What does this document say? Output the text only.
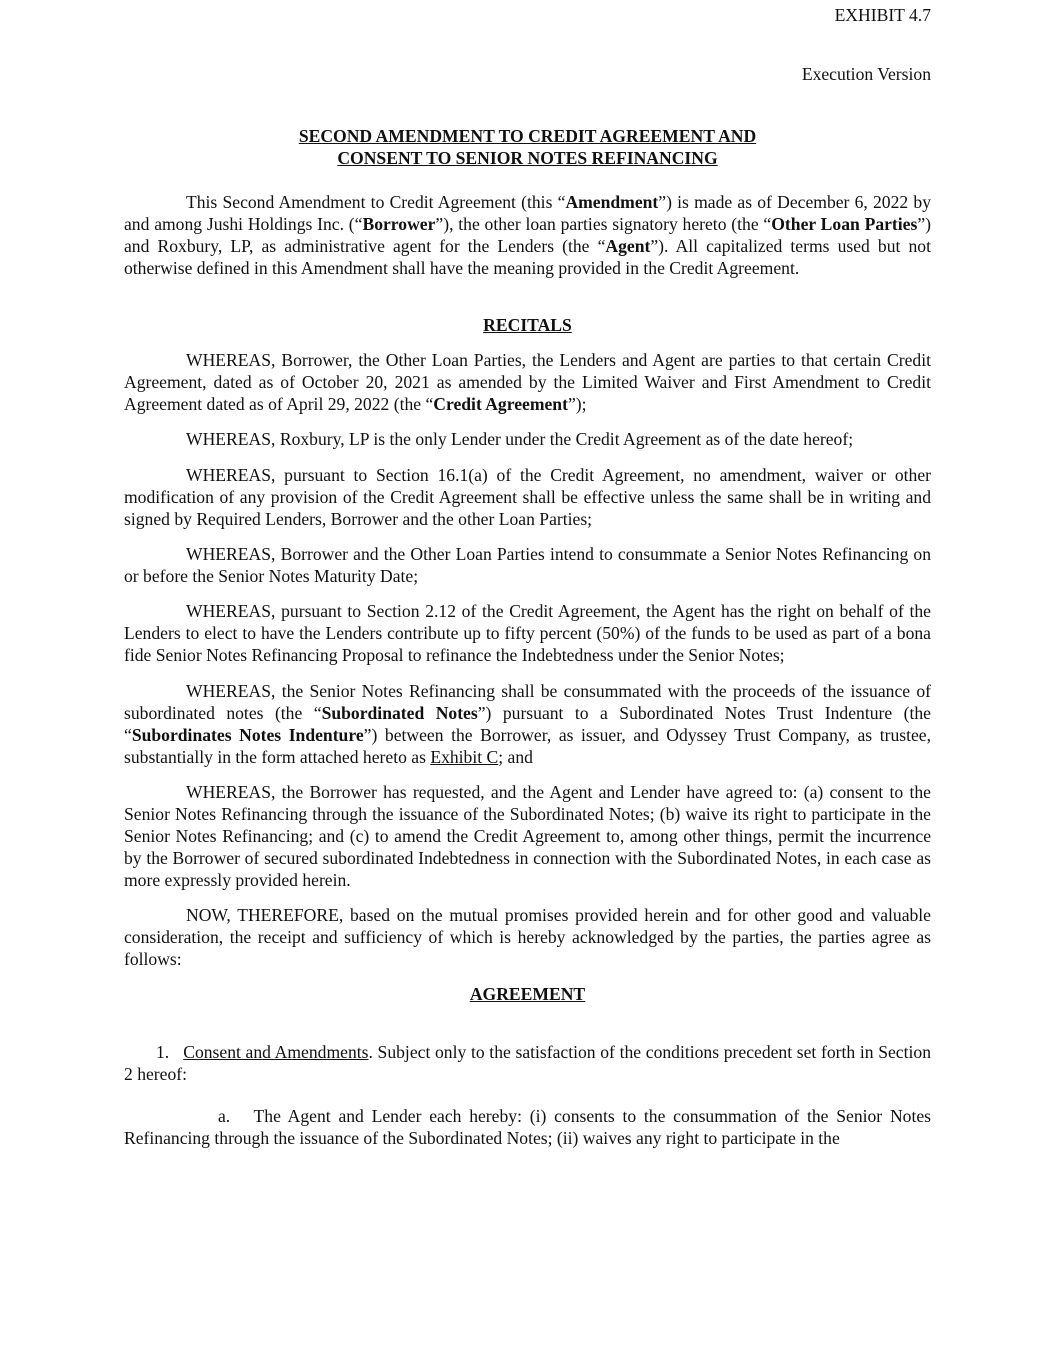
EXHIBIT 4.7
Execution Version
SECOND AMENDMENT TO CREDIT AGREEMENT AND
CONSENT TO SENIOR NOTES REFINANCING

This Second Amendment to Credit Agreement (this “Amendment”) is made as of December 6, 2022 by and among Jushi Holdings Inc. (“Borrower”), the other loan parties signatory hereto (the “Other Loan Parties”) and Roxbury, LP, as administrative agent for the Lenders (the “Agent”). All capitalized terms used but not otherwise defined in this Amendment shall have the meaning provided in the Credit Agreement.

RECITALS

WHEREAS, Borrower, the Other Loan Parties, the Lenders and Agent are parties to that certain Credit Agreement, dated as of October 20, 2021 as amended by the Limited Waiver and First Amendment to Credit Agreement dated as of April 29, 2022 (the “Credit Agreement”);

WHEREAS, Roxbury, LP is the only Lender under the Credit Agreement as of the date hereof;

WHEREAS, pursuant to Section 16.1(a) of the Credit Agreement, no amendment, waiver or other modification of any provision of the Credit Agreement shall be effective unless the same shall be in writing and signed by Required Lenders, Borrower and the other Loan Parties;

WHEREAS, Borrower and the Other Loan Parties intend to consummate a Senior Notes Refinancing on or before the Senior Notes Maturity Date;

WHEREAS, pursuant to Section 2.12 of the Credit Agreement, the Agent has the right on behalf of the Lenders to elect to have the Lenders contribute up to fifty percent (50%) of the funds to be used as part of a bona fide Senior Notes Refinancing Proposal to refinance the Indebtedness under the Senior Notes;

WHEREAS, the Senior Notes Refinancing shall be consummated with the proceeds of the issuance of subordinated notes (the “Subordinated Notes”) pursuant to a Subordinated Notes Trust Indenture (the “Subordinates Notes Indenture”) between the Borrower, as issuer, and Odyssey Trust Company, as trustee, substantially in the form attached hereto as Exhibit C; and

WHEREAS, the Borrower has requested, and the Agent and Lender have agreed to: (a) consent to the Senior Notes Refinancing through the issuance of the Subordinated Notes; (b) waive its right to participate in the Senior Notes Refinancing; and (c) to amend the Credit Agreement to, among other things, permit the incurrence by the Borrower of secured subordinated Indebtedness in connection with the Subordinated Notes, in each case as more expressly provided herein.

NOW, THEREFORE, based on the mutual promises provided herein and for other good and valuable consideration, the receipt and sufficiency of which is hereby acknowledged by the parties, the parties agree as follows:

AGREEMENT

1. Consent and Amendments. Subject only to the satisfaction of the conditions precedent set forth in Section 2 hereof:

a. The Agent and Lender each hereby: (i) consents to the consummation of the Senior Notes Refinancing through the issuance of the Subordinated Notes; (ii) waives any right to participate in the
